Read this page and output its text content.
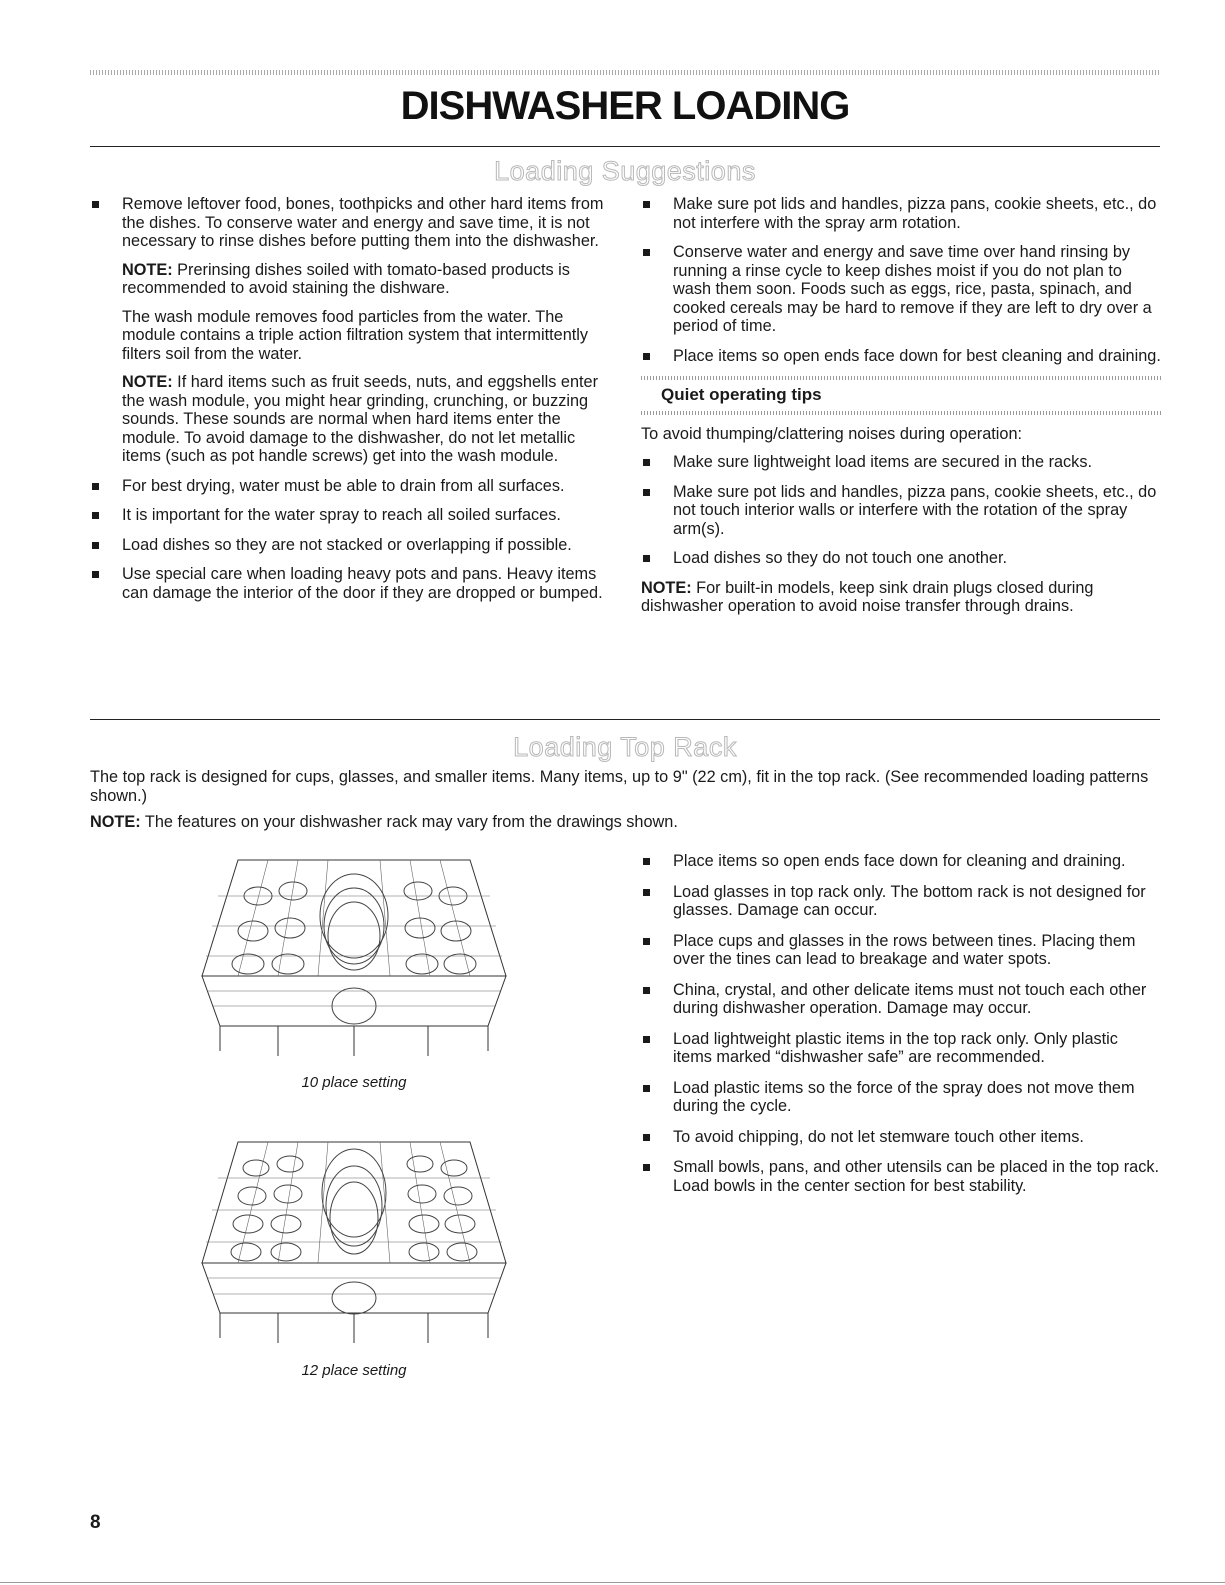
DISHWASHER LOADING
Loading Suggestions

Remove leftover food, bones, toothpicks and other hard items from the dishes. To conserve water and energy and save time, it is not necessary to rinse dishes before putting them into the dishwasher.

NOTE: Prerinsing dishes soiled with tomato-based products is recommended to avoid staining the dishware.

The wash module removes food particles from the water. The module contains a triple action filtration system that intermittently filters soil from the water.

NOTE: If hard items such as fruit seeds, nuts, and eggshells enter the wash module, you might hear grinding, crunching, or buzzing sounds. These sounds are normal when hard items enter the module. To avoid damage to the dishwasher, do not let metallic items (such as pot handle screws) get into the wash module.

For best drying, water must be able to drain from all surfaces.
It is important for the water spray to reach all soiled surfaces.
Load dishes so they are not stacked or overlapping if possible.
Use special care when loading heavy pots and pans. Heavy items can damage the interior of the door if they are dropped or bumped.
Make sure pot lids and handles, pizza pans, cookie sheets, etc., do not interfere with the spray arm rotation.
Conserve water and energy and save time over hand rinsing by running a rinse cycle to keep dishes moist if you do not plan to wash them soon. Foods such as eggs, rice, pasta, spinach, and cooked cereals may be hard to remove if they are left to dry over a period of time.
Place items so open ends face down for best cleaning and draining.
Quiet operating tips

To avoid thumping/clattering noises during operation:

Make sure lightweight load items are secured in the racks.
Make sure pot lids and handles, pizza pans, cookie sheets, etc., do not touch interior walls or interfere with the rotation of the spray arm(s).
Load dishes so they do not touch one another.

NOTE: For built-in models, keep sink drain plugs closed during dishwasher operation to avoid noise transfer through drains.

Loading Top Rack

The top rack is designed for cups, glasses, and smaller items. Many items, up to 9" (22 cm), fit in the top rack. (See recommended loading patterns shown.)

NOTE: The features on your dishwasher rack may vary from the drawings shown.

10 place setting
12 place setting
Place items so open ends face down for cleaning and draining.
Load glasses in top rack only. The bottom rack is not designed for glasses. Damage can occur.
Place cups and glasses in the rows between tines. Placing them over the tines can lead to breakage and water spots.
China, crystal, and other delicate items must not touch each other during dishwasher operation. Damage may occur.
Load lightweight plastic items in the top rack only. Only plastic items marked “dishwasher safe” are recommended.
Load plastic items so the force of the spray does not move them during the cycle.
To avoid chipping, do not let stemware touch other items.
Small bowls, pans, and other utensils can be placed in the top rack. Load bowls in the center section for best stability.
8
